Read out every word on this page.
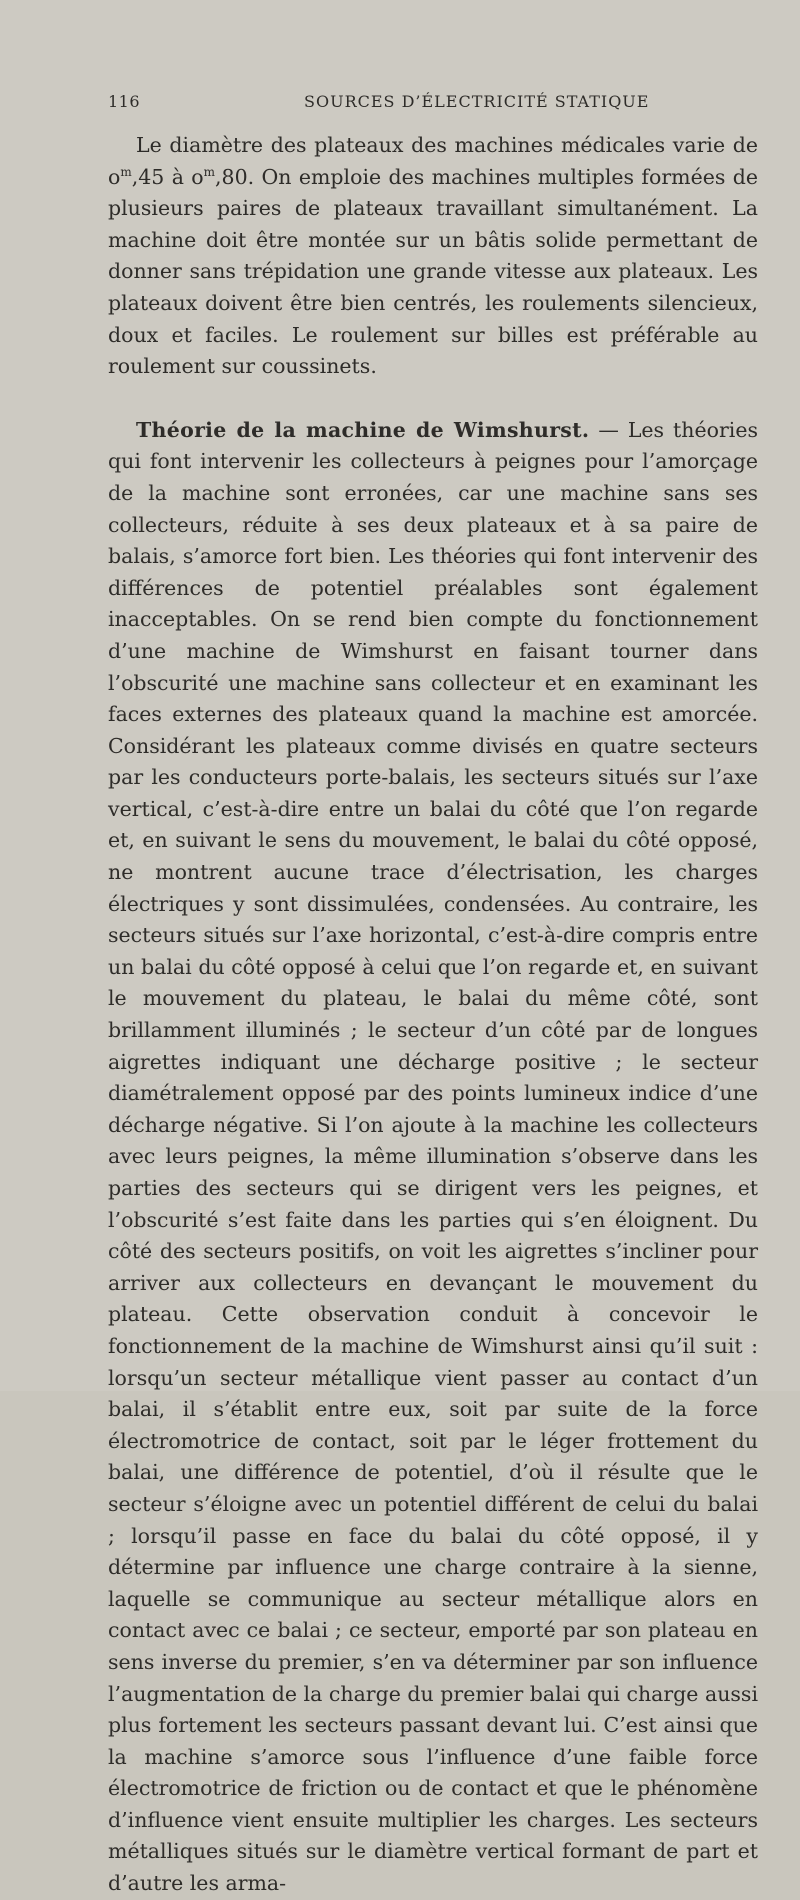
116	SOURCES D’ÉLECTRICITÉ STATIQUE

Le diamètre des plateaux des machines médicales varie de $o^m,45$ à $o^m,80$. On emploie des machines multiples formées de plusieurs paires de plateaux travaillant simultanément. La machine doit être montée sur un bâtis solide permettant de donner sans trépidation une grande vitesse aux plateaux. Les plateaux doivent être bien centrés, les roulements silencieux, doux et faciles. Le roulement sur billes est préférable au roulement sur coussinets.

Théorie de la machine de Wimshurst. — Les théories qui font intervenir les collecteurs à peignes pour l’amorçage de la machine sont erronées, car une machine sans ses collecteurs, réduite à ses deux plateaux et à sa paire de balais, s’amorce fort bien. Les théories qui font intervenir des différences de potentiel préalables sont également inacceptables. On se rend bien compte du fonctionnement d’une machine de Wimshurst en faisant tourner dans l’obscurité une machine sans collecteur et en examinant les faces externes des plateaux quand la machine est amorcée. Considérant les plateaux comme divisés en quatre secteurs par les conducteurs porte-balais, les secteurs situés sur l’axe vertical, c’est-à-dire entre un balai du côté que l’on regarde et, en suivant le sens du mouvement, le balai du côté opposé, ne montrent aucune trace d’électrisation, les charges électriques y sont dissimulées, condensées. Au contraire, les secteurs situés sur l’axe horizontal, c’est-à-dire compris entre un balai du côté opposé à celui que l’on regarde et, en suivant le mouvement du plateau, le balai du même côté, sont brillamment illuminés ; le secteur d’un côté par de longues aigrettes indiquant une décharge positive ; le secteur diamétralement opposé par des points lumineux indice d’une décharge négative. Si l’on ajoute à la machine les collecteurs avec leurs peignes, la même illumination s’observe dans les parties des secteurs qui se dirigent vers les peignes, et l’obscurité s’est faite dans les parties qui s’en éloignent. Du côté des secteurs positifs, on voit les aigrettes s’incliner pour arriver aux collecteurs en devançant le mouvement du plateau. Cette observation conduit à concevoir le fonctionnement de la machine de Wimshurst ainsi qu’il suit : lorsqu’un secteur métallique vient passer au contact d’un balai, il s’établit entre eux, soit par suite de la force électromotrice de contact, soit par le léger frottement du balai, une différence de potentiel, d’où il résulte que le secteur s’éloigne avec un potentiel différent de celui du balai ; lorsqu’il passe en face du balai du côté opposé, il y détermine par influence une charge contraire à la sienne, laquelle se communique au secteur métallique alors en contact avec ce balai ; ce secteur, emporté par son plateau en sens inverse du premier, s’en va déterminer par son influence l’augmentation de la charge du premier balai qui charge aussi plus fortement les secteurs passant devant lui. C’est ainsi que la machine s’amorce sous l’influence d’une faible force électromotrice de friction ou de contact et que le phénomène d’influence vient ensuite multiplier les charges. Les secteurs métalliques situés sur le diamètre vertical formant de part et d’autre les arma-
